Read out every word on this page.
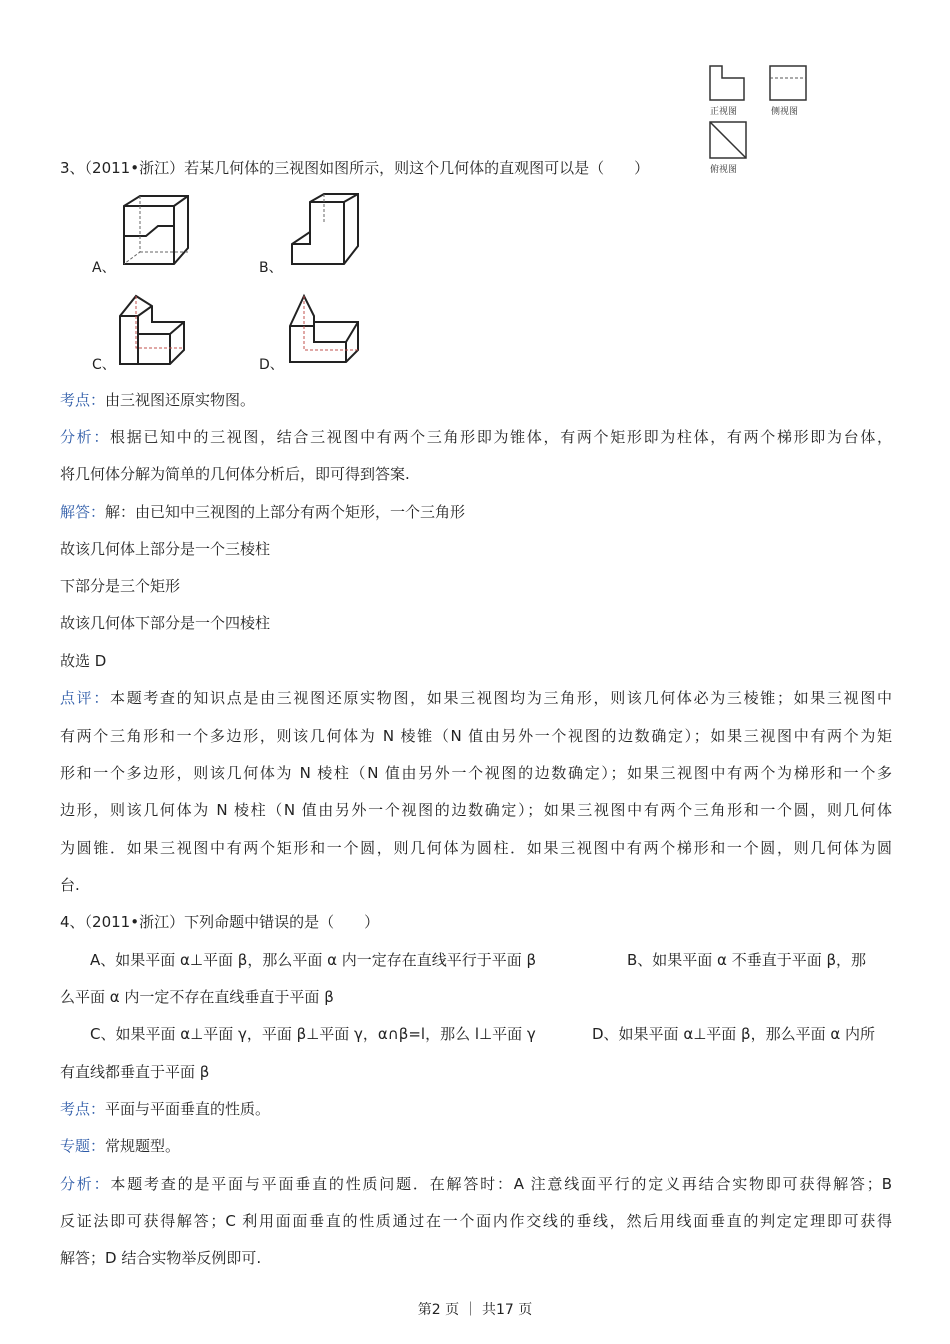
正视图	侧视图
俯视图
3、（2011•浙江）若某几何体的三视图如图所示，则这个几何体的直观图可以是（　　）
A、	B、
C、	D、
考点：由三视图还原实物图。
分析：根据已知中的三视图，结合三视图中有两个三角形即为锥体，有两个矩形即为柱体，有两个梯形即为台体，
将几何体分解为简单的几何体分析后，即可得到答案.
解答：解：由已知中三视图的上部分有两个矩形，一个三角形
故该几何体上部分是一个三棱柱
下部分是三个矩形
故该几何体下部分是一个四棱柱
故选 D
点评：本题考查的知识点是由三视图还原实物图，如果三视图均为三角形，则该几何体必为三棱锥；如果三视图中
有两个三角形和一个多边形，则该几何体为 N 棱锥（N 值由另外一个视图的边数确定）；如果三视图中有两个为矩
形和一个多边形，则该几何体为 N 棱柱（N 值由另外一个视图的边数确定）；如果三视图中有两个为梯形和一个多
边形，则该几何体为 N 棱柱（N 值由另外一个视图的边数确定）；如果三视图中有两个三角形和一个圆，则几何体
为圆锥．如果三视图中有两个矩形和一个圆，则几何体为圆柱．如果三视图中有两个梯形和一个圆，则几何体为圆
台.
4、（2011•浙江）下列命题中错误的是（　　）
A、如果平面 α⊥平面 β，那么平面 α 内一定存在直线平行于平面 β	B、如果平面 α 不垂直于平面 β，那
么平面 α 内一定不存在直线垂直于平面 β
C、如果平面 α⊥平面 γ，平面 β⊥平面 γ，α∩β=l，那么 l⊥平面 γ	D、如果平面 α⊥平面 β，那么平面 α 内所
有直线都垂直于平面 β
考点：平面与平面垂直的性质。
专题：常规题型。
分析：本题考查的是平面与平面垂直的性质问题．在解答时：A 注意线面平行的定义再结合实物即可获得解答；B
反证法即可获得解答；C 利用面面垂直的性质通过在一个面内作交线的垂线，然后用线面垂直的判定定理即可获得
解答；D 结合实物举反例即可.
第2 页 ｜ 共17 页
